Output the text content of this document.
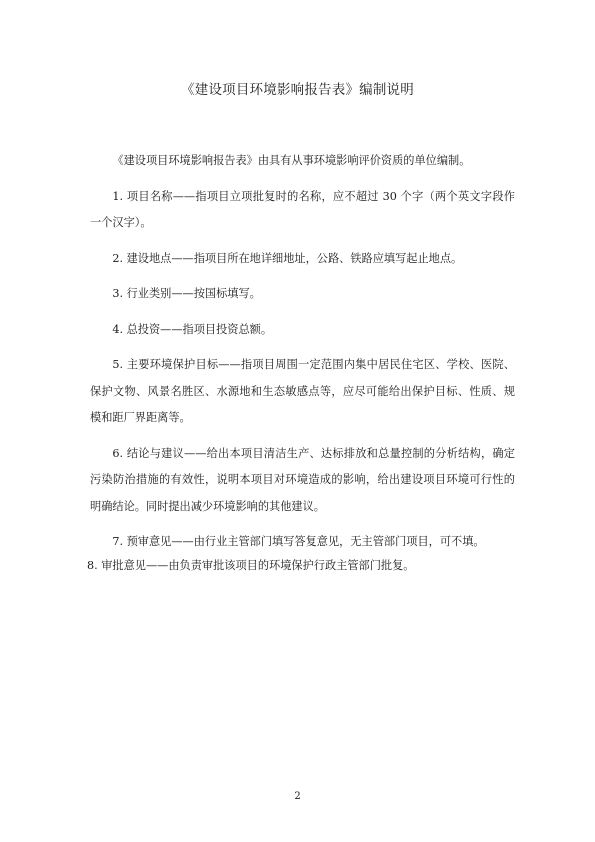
《建设项目环境影响报告表》编制说明

《建设项目环境影响报告表》由具有从事环境影响评价资质的单位编制。

1. 项目名称——指项目立项批复时的名称，应不超过 30 个字（两个英文字段作一个汉字）。

2. 建设地点——指项目所在地详细地址，公路、铁路应填写起止地点。

3. 行业类别——按国标填写。

4. 总投资——指项目投资总额。

5. 主要环境保护目标——指项目周围一定范围内集中居民住宅区、学校、医院、保护文物、风景名胜区、水源地和生态敏感点等，应尽可能给出保护目标、性质、规模和距厂界距离等。

6. 结论与建议——给出本项目清洁生产、达标排放和总量控制的分析结构，确定污染防治措施的有效性，说明本项目对环境造成的影响，给出建设项目环境可行性的明确结论。同时提出减少环境影响的其他建议。

7. 预审意见——由行业主管部门填写答复意见，无主管部门项目，可不填。

8. 审批意见——由负责审批该项目的环境保护行政主管部门批复。

2
